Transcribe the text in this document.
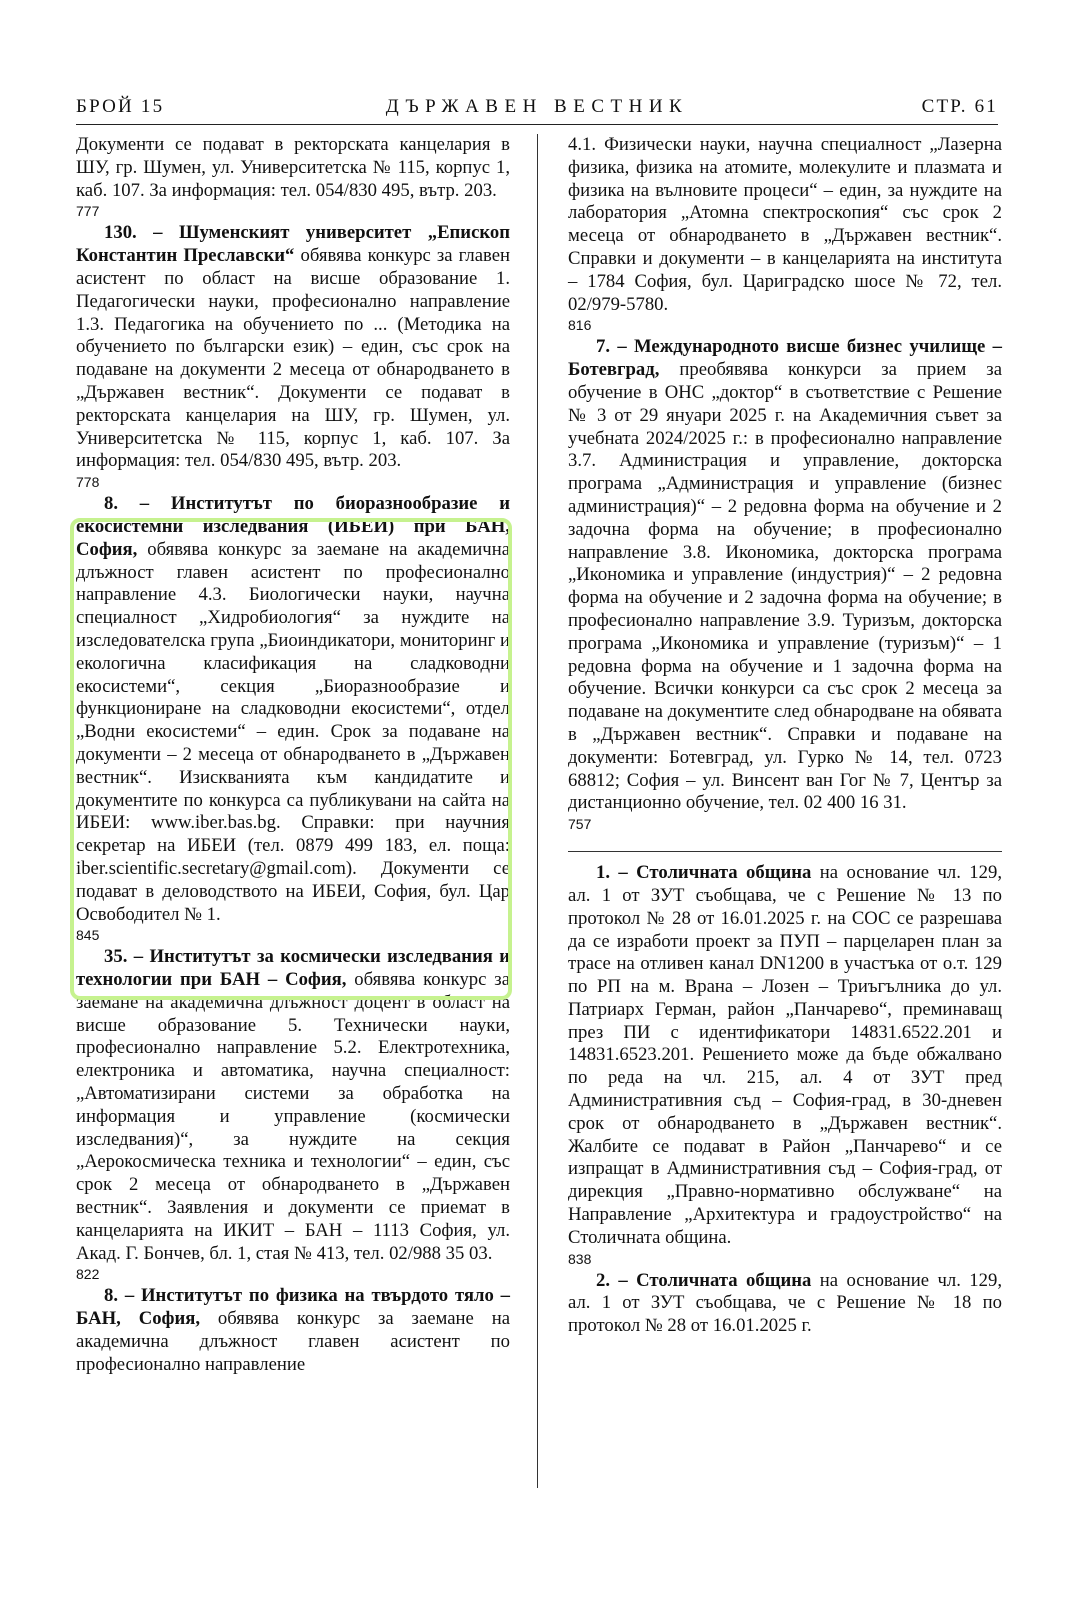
БРОЙ 15	ДЪРЖАВЕН ВЕСТНИК	СТР. 61

Документи се подават в ректорската канцелария в ШУ, гр. Шумен, ул. Университетска № 115, корпус 1, каб. 107. За информация: тел. 054/830 495, вътр. 203.

777

130. – Шуменският университет „Епископ Константин Преславски“ обявява конкурс за главен асистент по област на висше образование 1. Педагогически науки, професионално направление 1.3. Педагогика на обучението по ... (Методика на обучението по български език) – един, със срок на подаване на документи 2 месеца от обнародването в „Държавен вестник“. Документи се подават в ректорската канцелария на ШУ, гр. Шумен, ул. Университетска № 115, корпус 1, каб. 107. За информация: тел. 054/830 495, вътр. 203.

778

8. – Институтът по биоразнообразие и екосистемни изследвания (ИБЕИ) при БАН, София, обявява конкурс за заемане на академична длъжност главен асистент по професионално направление 4.3. Биологически науки, научна специалност „Хидробиология“ за нуждите на изследователска група „Биоиндикатори, мониторинг и екологична класификация на сладководни екосистеми“, секция „Биоразнообразие и функциониране на сладководни екосистеми“, отдел „Водни екосистеми“ – един. Срок за подаване на документи – 2 месеца от обнародването в „Държавен вестник“. Изискванията към кандидатите и документите по конкурса са публикувани на сайта на ИБЕИ: www.iber.bas.bg. Справки: при научния секретар на ИБЕИ (тел. 0879 499 183, ел. поща: iber.scientific.secretary@gmail.com). Документи се подават в деловодството на ИБЕИ, София, бул. Цар Освободител № 1.

845

35. – Институтът за космически изследвания и технологии при БАН – София, обявява конкурс за заемане на академична длъжност доцент в област на висше образование 5. Технически науки, професионално направление 5.2. Електротехника, електроника и автоматика, научна специалност: „Автоматизирани системи за обработка на информация и управление (космически изследвания)“, за нуждите на секция „Аерокосмическа техника и технологии“ – един, със срок 2 месеца от обнародването в „Държавен вестник“. Заявления и документи се приемат в канцеларията на ИКИТ – БАН – 1113 София, ул. Акад. Г. Бончев, бл. 1, стая № 413, тел. 02/988 35 03.

822

8. – Институтът по физика на твърдото тяло – БАН, София, обявява конкурс за заемане на академична длъжност главен асистент по професионално направление

4.1. Физически науки, научна специалност „Лазерна физика, физика на атомите, молекулите и плазмата и физика на вълновите процеси“ – един, за нуждите на лаборатория „Атомна спектроскопия“ със срок 2 месеца от обнародването в „Държавен вестник“. Справки и документи – в канцеларията на института – 1784 София, бул. Цариградско шосе № 72, тел. 02/979-5780.

816

7. – Международното висше бизнес училище – Ботевград, преобявява конкурси за прием за обучение в ОНС „доктор“ в съответствие с Решение № 3 от 29 януари 2025 г. на Академичния съвет за учебната 2024/2025 г.: в професионално направление 3.7. Администрация и управление, докторска програма „Администрация и управление (бизнес администрация)“ – 2 редовна форма на обучение и 2 задочна форма на обучение; в професионално направление 3.8. Икономика, докторска програма „Икономика и управление (индустрия)“ – 2 редовна форма на обучение и 2 задочна форма на обучение; в професионално направление 3.9. Туризъм, докторска програма „Икономика и управление (туризъм)“ – 1 редовна форма на обучение и 1 задочна форма на обучение. Всички конкурси са със срок 2 месеца за подаване на документите след обнародване на обявата в „Държавен вестник“. Справки и подаване на документи: Ботевград, ул. Гурко № 14, тел. 0723 68812; София – ул. Винсент ван Гог № 7, Център за дистанционно обучение, тел. 02 400 16 31.

757

1. – Столичната община на основание чл. 129, ал. 1 от ЗУТ съобщава, че с Решение № 13 по протокол № 28 от 16.01.2025 г. на СОС се разрешава да се изработи проект за ПУП – парцеларен план за трасе на отливен канал DN1200 в участъка от о.т. 129 по РП на м. Врана – Лозен – Триъгълника до ул. Патриарх Герман, район „Панчарево“, преминаващ през ПИ с идентификатори 14831.6522.201 и 14831.6523.201. Решението може да бъде обжалвано по реда на чл. 215, ал. 4 от ЗУТ пред Административния съд – София-град, в 30-дневен срок от обнародването в „Държавен вестник“. Жалбите се подават в Район „Панчарево“ и се изпращат в Административния съд – София-град, от дирекция „Правно-нормативно обслужване“ на Направление „Архитектура и градоустройство“ на Столичната община.

838

2. – Столичната община на основание чл. 129, ал. 1 от ЗУТ съобщава, че с Решение № 18 по протокол № 28 от 16.01.2025 г.
